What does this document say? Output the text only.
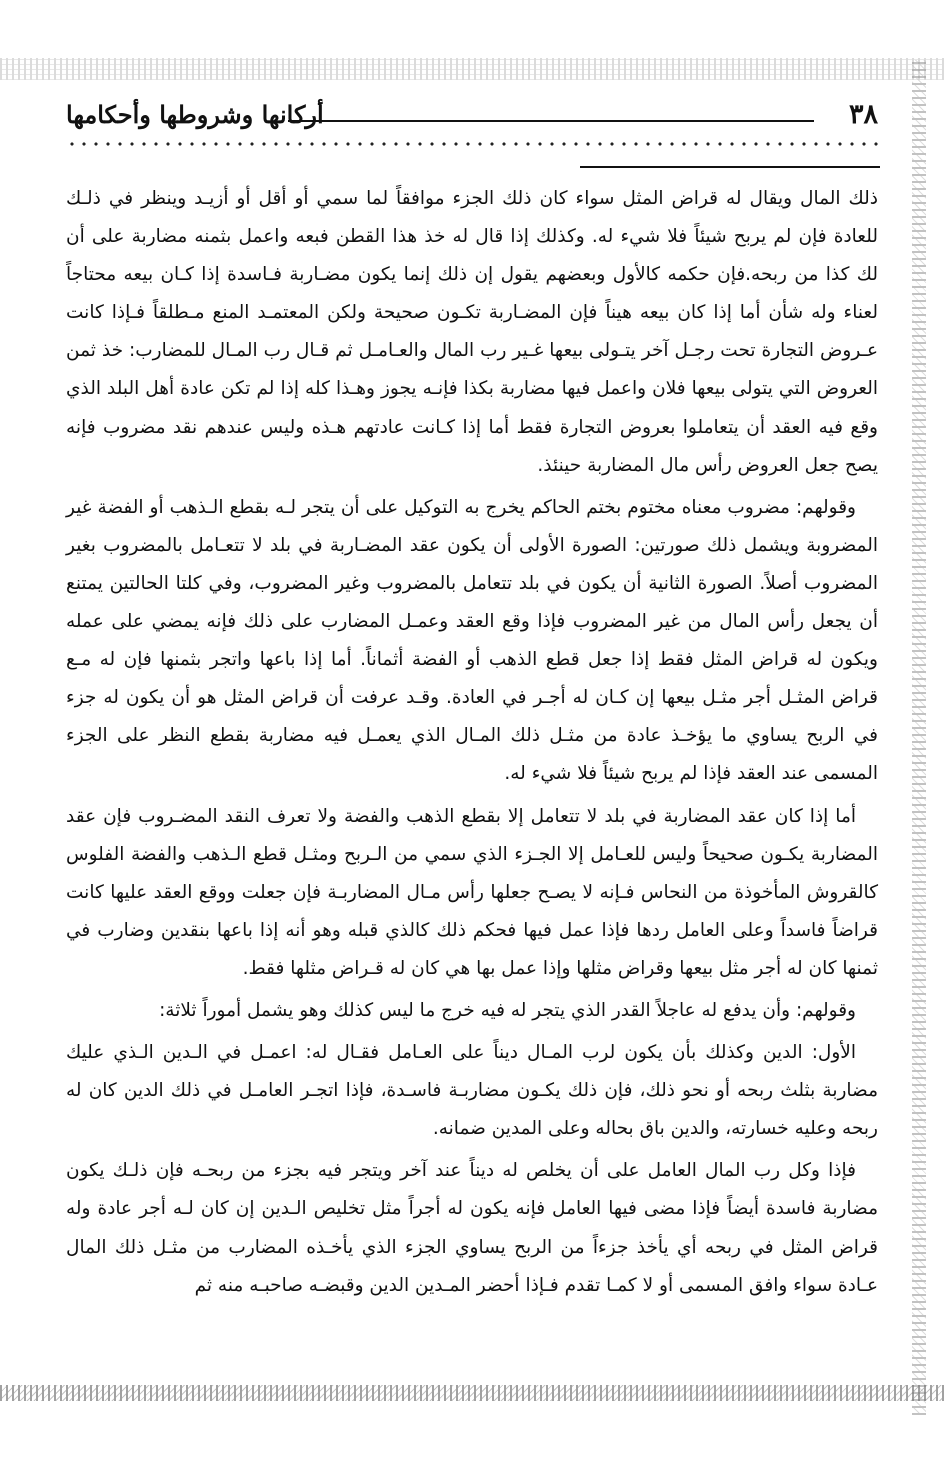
٣٨
أركانها وشروطها وأحكامها

ذلك المال ويقال له قراض المثل سواء كان ذلك الجزء موافقاً لما سمي أو أقل أو أزيـد وينظر في ذلـك للعادة فإن لم يربح شيئاً فلا شيء له. وكذلك إذا قال له خذ هذا القطن فبعه واعمل بثمنه مضاربة على أن لك كذا من ربحه.فإن حكمه كالأول وبعضهم يقول إن ذلك إنما يكون مضـاربة فـاسدة إذا كـان بيعه محتاجاً لعناء وله شأن أما إذا كان بيعه هيناً فإن المضـاربة تكـون صحيحة ولكن المعتمـد المنع مـطلقاً فـإذا كانت عـروض التجارة تحت رجـل آخر يتـولى بيعها غـير رب المال والعـامـل ثم قـال رب المـال للمضارب: خذ ثمن العروض التي يتولى بيعها فلان واعمل فيها مضاربة بكذا فإنـه يجوز وهـذا كله إذا لم تكن عادة أهل البلد الذي وقع فيه العقد أن يتعاملوا بعروض التجارة فقط أما إذا كـانت عادتهم هـذه وليس عندهم نقد مضروب فإنه يصح جعل العروض رأس مال المضاربة حينئذ.

وقولهم: مضروب معناه مختوم بختم الحاكم يخرج به التوكيل على أن يتجر لـه بقطع الـذهب أو الفضة غير المضروبة ويشمل ذلك صورتين: الصورة الأولى أن يكون عقد المضـاربة في بلد لا تتعـامل بالمضروب بغير المضروب أصلاً. الصورة الثانية أن يكون في بلد تتعامل بالمضروب وغير المضروب، وفي كلتا الحالتين يمتنع أن يجعل رأس المال من غير المضروب فإذا وقع العقد وعمـل المضارب على ذلك فإنه يمضي على عمله ويكون له قراض المثل فقط إذا جعل قطع الذهب أو الفضة أثماناً. أما إذا باعها واتجر بثمنها فإن له مـع قراض المثـل أجر مثـل بيعها إن كـان له أجـر في العادة. وقـد عرفت أن قراض المثل هو أن يكون له جزء في الربح يساوي ما يؤخـذ عادة من مثـل ذلك المـال الذي يعمـل فيه مضاربة بقطع النظر على الجزء المسمى عند العقد فإذا لم يربح شيئاً فلا شيء له.

أما إذا كان عقد المضاربة في بلد لا تتعامل إلا بقطع الذهب والفضة ولا تعرف النقد المضـروب فإن عقد المضاربة يكـون صحيحاً وليس للعـامل إلا الجـزء الذي سمي من الـربح ومثـل قطع الـذهب والفضة الفلوس كالقروش المأخوذة من النحاس فـإنه لا يصـح جعلها رأس مـال المضاربـة فإن جعلت ووقع العقد عليها كانت قراضاً فاسداً وعلى العامل ردها فإذا عمل فيها فحكم ذلك كالذي قبله وهو أنه إذا باعها بنقدين وضارب في ثمنها كان له أجر مثل بيعها وقراض مثلها وإذا عمل بها هي كان له قـراض مثلها فقط.

وقولهم: وأن يدفع له عاجلاً القدر الذي يتجر له فيه خرج ما ليس كذلك وهو يشمل أموراً ثلاثة:

الأول: الدين وكذلك بأن يكون لرب المـال ديناً على العـامل فقـال له: اعمـل في الـدين الـذي عليك مضاربة بثلث ربحه أو نحو ذلك، فإن ذلك يكـون مضاربـة فاسـدة، فإذا اتجـر العامـل في ذلك الدين كان له ربحه وعليه خسارته، والدين باق بحاله وعلى المدين ضمانه.

فإذا وكل رب المال العامل على أن يخلص له ديناً عند آخر ويتجر فيه بجزء من ربحـه فإن ذلـك يكون مضاربة فاسدة أيضاً فإذا مضى فيها العامل فإنه يكون له أجراً مثل تخليص الـدين إن كان لـه أجر عادة وله قراض المثل في ربحه أي يأخذ جزءاً من الربح يساوي الجزء الذي يأخـذه المضارب من مثـل ذلك المال عـادة سواء وافق المسمى أو لا كمـا تقدم فـإذا أحضر المـدين الدين وقبضـه صاحبـه منه ثم
